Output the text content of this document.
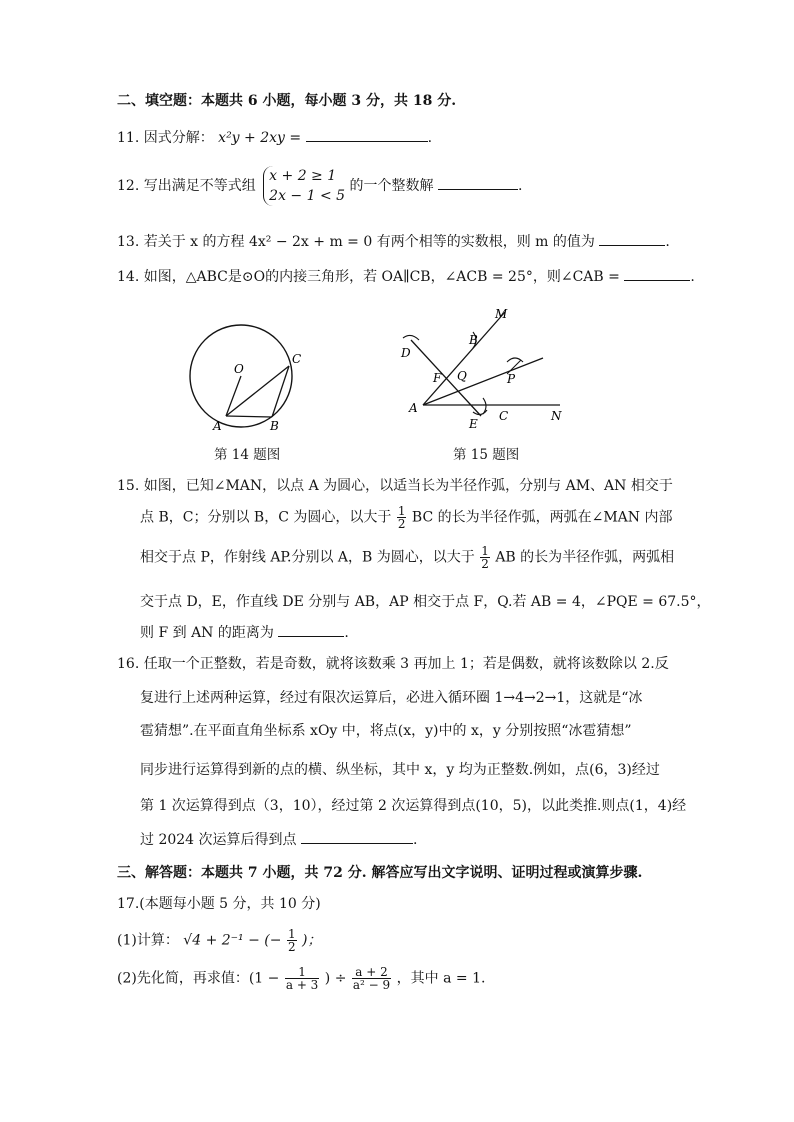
二、填空题：本题共 6 小题，每小题 3 分，共 18 分.
11. 因式分解： x²y + 2xy =	.
12. 写出满足不等式组
x + 2 ≥ 1
2x − 1 < 5
的一个整数解	.
13. 若关于 x 的方程 4x² − 2x + m = 0 有两个相等的实数根，则 m 的值为	.
14. 如图，△ABC是⊙O的内接三角形，若 OA∥CB，∠ACB = 25°，则∠CAB =	.
O
A	B
C
第 14 题图
M
B
D
F Q	P
A
E
C	N
第 15 题图
15. 如图，已知∠MAN，以点 A 为圆心，以适当长为半径作弧，分别与 AM、AN 相交于
点 B，C；分别以 B，C 为圆心，以大于 $\frac{1}{2}$ BC 的长为半径作弧，两弧在∠MAN 内部
相交于点 P，作射线 AP.分别以 A，B 为圆心，以大于 $\frac{1}{2}$ AB 的长为半径作弧，两弧相
交于点 D，E，作直线 DE 分别与 AB，AP 相交于点 F，Q.若 AB = 4，∠PQE = 67.5°，
则 F 到 AN 的距离为	.
16. 任取一个正整数，若是奇数，就将该数乘 3 再加上 1；若是偶数，就将该数除以 2.反
复进行上述两种运算，经过有限次运算后，必进入循环圈 1→4→2→1，这就是“冰
雹猜想”.在平面直角坐标系 xOy 中，将点(x，y)中的 x，y 分别按照“冰雹猜想”
同步进行运算得到新的点的横、纵坐标，其中 x，y 均为正整数.例如，点(6，3)经过
第 1 次运算得到点（3，10），经过第 2 次运算得到点(10，5)，以此类推.则点(1，4)经
过 2024 次运算后得到点	.
三、解答题：本题共 7 小题，共 72 分. 解答应写出文字说明、证明过程或演算步骤.
17.(本题每小题 5 分，共 10 分)
(1)计算： √4 + 2⁻¹ − (− $\frac{1}{2}$ )；
(2)先化简，再求值：($1 - \frac{1}{a + 3}$ ) ÷ $\frac{a + 2}{\text{a² − 9}}$ ，其中 a = 1.
